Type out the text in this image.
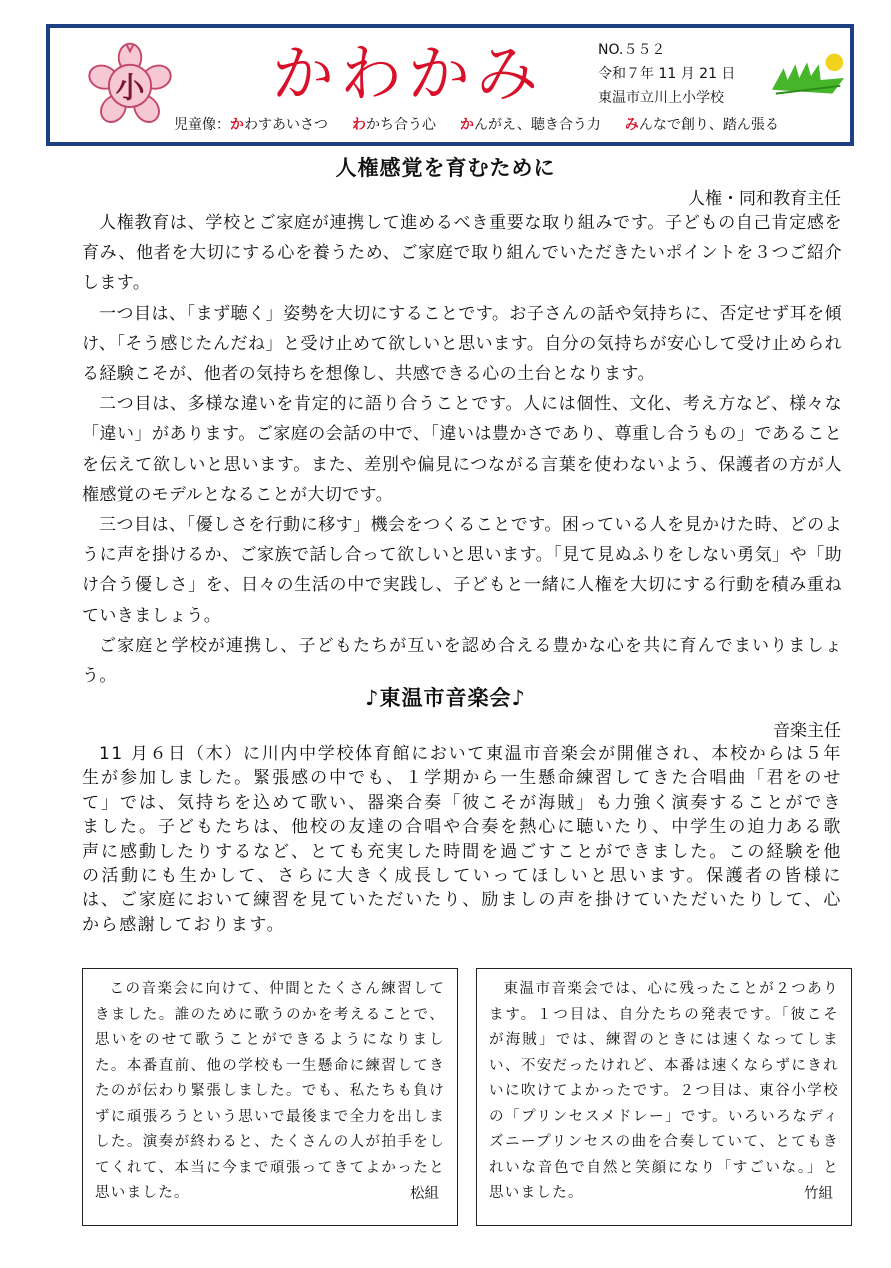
小 かわかみ	NO.５５２
令和７年 11 月 21 日
東温市立川上小学校
児童像：かわすあいさつ わかち合う心 かんがえ、聴き合う力 みんなで創り、踏ん張る
人権感覚を育むために
人権・同和教育主任

人権教育は、学校とご家庭が連携して進めるべき重要な取り組みです。子どもの自己肯定感を育み、他者を大切にする心を養うため、ご家庭で取り組んでいただきたいポイントを３つご紹介します。

一つ目は、「まず聴く」姿勢を大切にすることです。お子さんの話や気持ちに、否定せず耳を傾け、「そう感じたんだね」と受け止めて欲しいと思います。自分の気持ちが安心して受け止められる経験こそが、他者の気持ちを想像し、共感できる心の土台となります。

二つ目は、多様な違いを肯定的に語り合うことです。人には個性、文化、考え方など、様々な「違い」があります。ご家庭の会話の中で、「違いは豊かさであり、尊重し合うもの」であることを伝えて欲しいと思います。また、差別や偏見につながる言葉を使わないよう、保護者の方が人権感覚のモデルとなることが大切です。

三つ目は、「優しさを行動に移す」機会をつくることです。困っている人を見かけた時、どのように声を掛けるか、ご家族で話し合って欲しいと思います。「見て見ぬふりをしない勇気」や「助け合う優しさ」を、日々の生活の中で実践し、子どもと一緒に人権を大切にする行動を積み重ねていきましょう。

ご家庭と学校が連携し、子どもたちが互いを認め合える豊かな心を共に育んでまいりましょう。

♪東温市音楽会♪
音楽主任

11 月６日（木）に川内中学校体育館において東温市音楽会が開催され、本校からは５年生が参加しました。緊張感の中でも、１学期から一生懸命練習してきた合唱曲「君をのせて」では、気持ちを込めて歌い、器楽合奏「彼こそが海賊」も力強く演奏することができました。子どもたちは、他校の友達の合唱や合奏を熱心に聴いたり、中学生の迫力ある歌声に感動したりするなど、とても充実した時間を過ごすことができました。この経験を他の活動にも生かして、さらに大きく成長していってほしいと思います。保護者の皆様には、ご家庭において練習を見ていただいたり、励ましの声を掛けていただいたりして、心から感謝しております。

この音楽会に向けて、仲間とたくさん練習してきました。誰のために歌うのかを考えることで、思いをのせて歌うことができるようになりました。本番直前、他の学校も一生懸命に練習してきたのが伝わり緊張しました。でも、私たちも負けずに頑張ろうという思いで最後まで全力を出しました。演奏が終わると、たくさんの人が拍手をしてくれて、本当に今まで頑張ってきてよかったと思いました。	松組

東温市音楽会では、心に残ったことが２つあります。１つ目は、自分たちの発表です。「彼こそが海賊」では、練習のときには速くなってしまい、不安だったけれど、本番は速くならずにきれいに吹けてよかったです。２つ目は、東谷小学校の「プリンセスメドレー」です。いろいろなディズニープリンセスの曲を合奏していて、とてもきれいな音色で自然と笑顔になり「すごいな。」と思いました。	竹組
